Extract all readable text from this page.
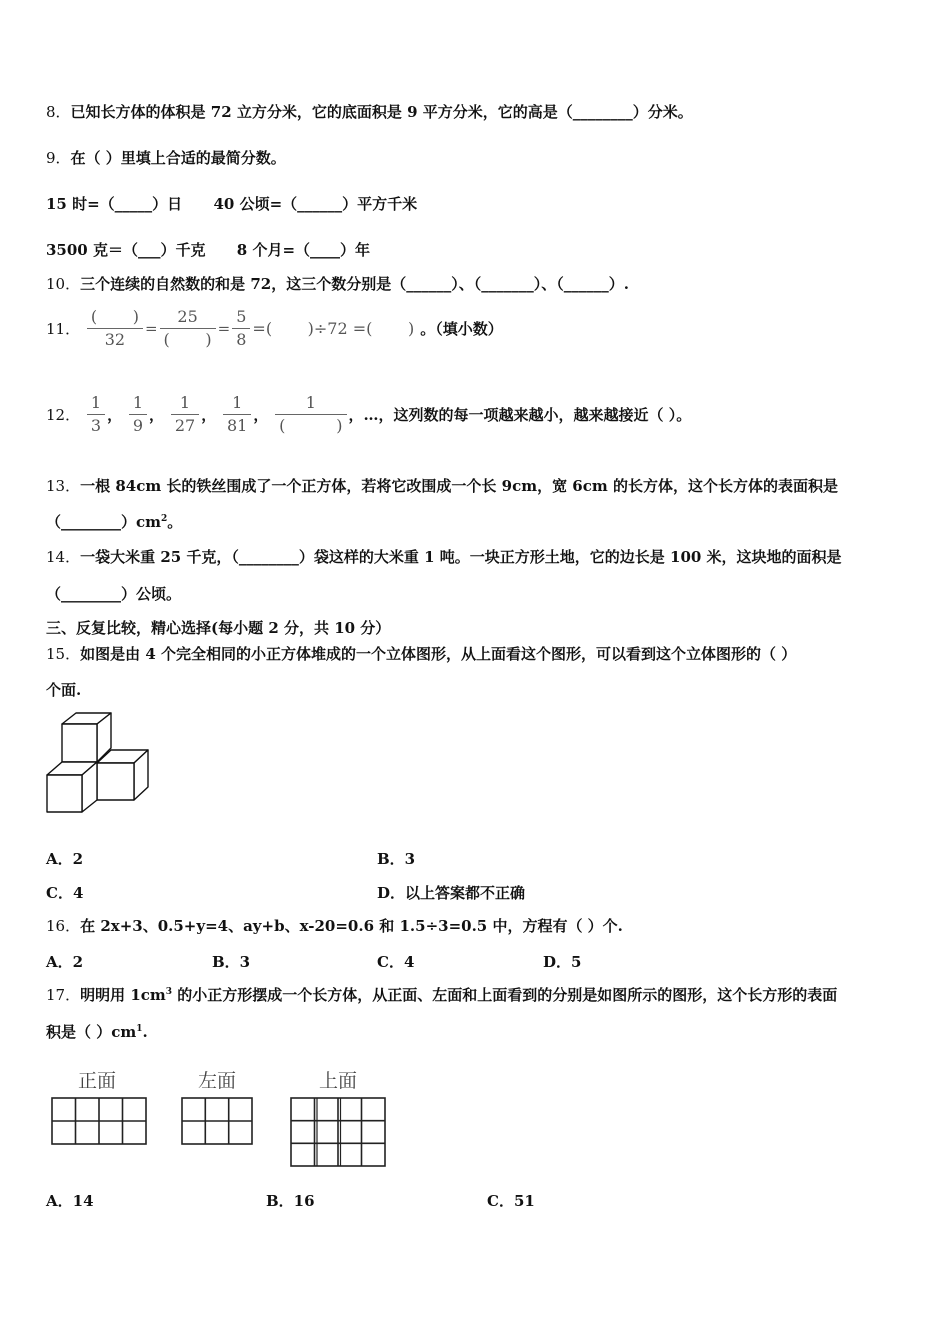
8．已知长方体的体积是 72 立方分米，它的底面积是 9 平方分米，它的高是（________）分米。
9．在（ ）里填上合适的最简分数。
15 时=（_____）日      40 公顷=（______）平方千米
3500 克＝（___）千克      8 个月=（____）年
10．三个连续的自然数的和是 72，这三个数分别是（______）、（_______）、（______）.
11． $\frac{( )}{32} = \frac{25}{( )} = \frac{5}{8}$ =(       )÷72 =(       ) 。（填小数）
12． $\frac{1}{3}$ ， $\frac{1}{9}$ ， $\frac{1}{27}$ ， $\frac{1}{81}$ ， $\frac{1}{( )}$ ，…，这列数的每一项越来越小，越来越接近（ ）。
13．一根 84cm 长的铁丝围成了一个正方体，若将它改围成一个长 9cm，宽 6cm 的长方体，这个长方体的表面积是
$(\_\_\_\_\_\_\_\_)cm^2$。
14．一袋大米重 25 千克，（________）袋这样的大米重 1 吨。一块正方形土地，它的边长是 100 米，这块地的面积是
（________）公顷。
三、反复比较，精心选择(每小题 2 分，共 10 分）
15．如图是由 4 个完全相同的小正方体堆成的一个立体图形，从上面看这个图形，可以看到这个立体图形的（ ）
个面.
A．2	B．3
C．4	D．以上答案都不正确
16．在 2x+3、0.5+y=4、ay+b、x-20=0.6 和 1.5÷3=0.5 中，方程有（ ）个.
A．2	B．3	C．4	D．5
17．明明用 $1cm^3$ 的小正方形摆成一个长方体，从正面、左面和上面看到的分别是如图所示的图形，这个长方形的表面
积是（ ）$cm^1$.
正面	左面	上面
A．14	B．16	C．51
